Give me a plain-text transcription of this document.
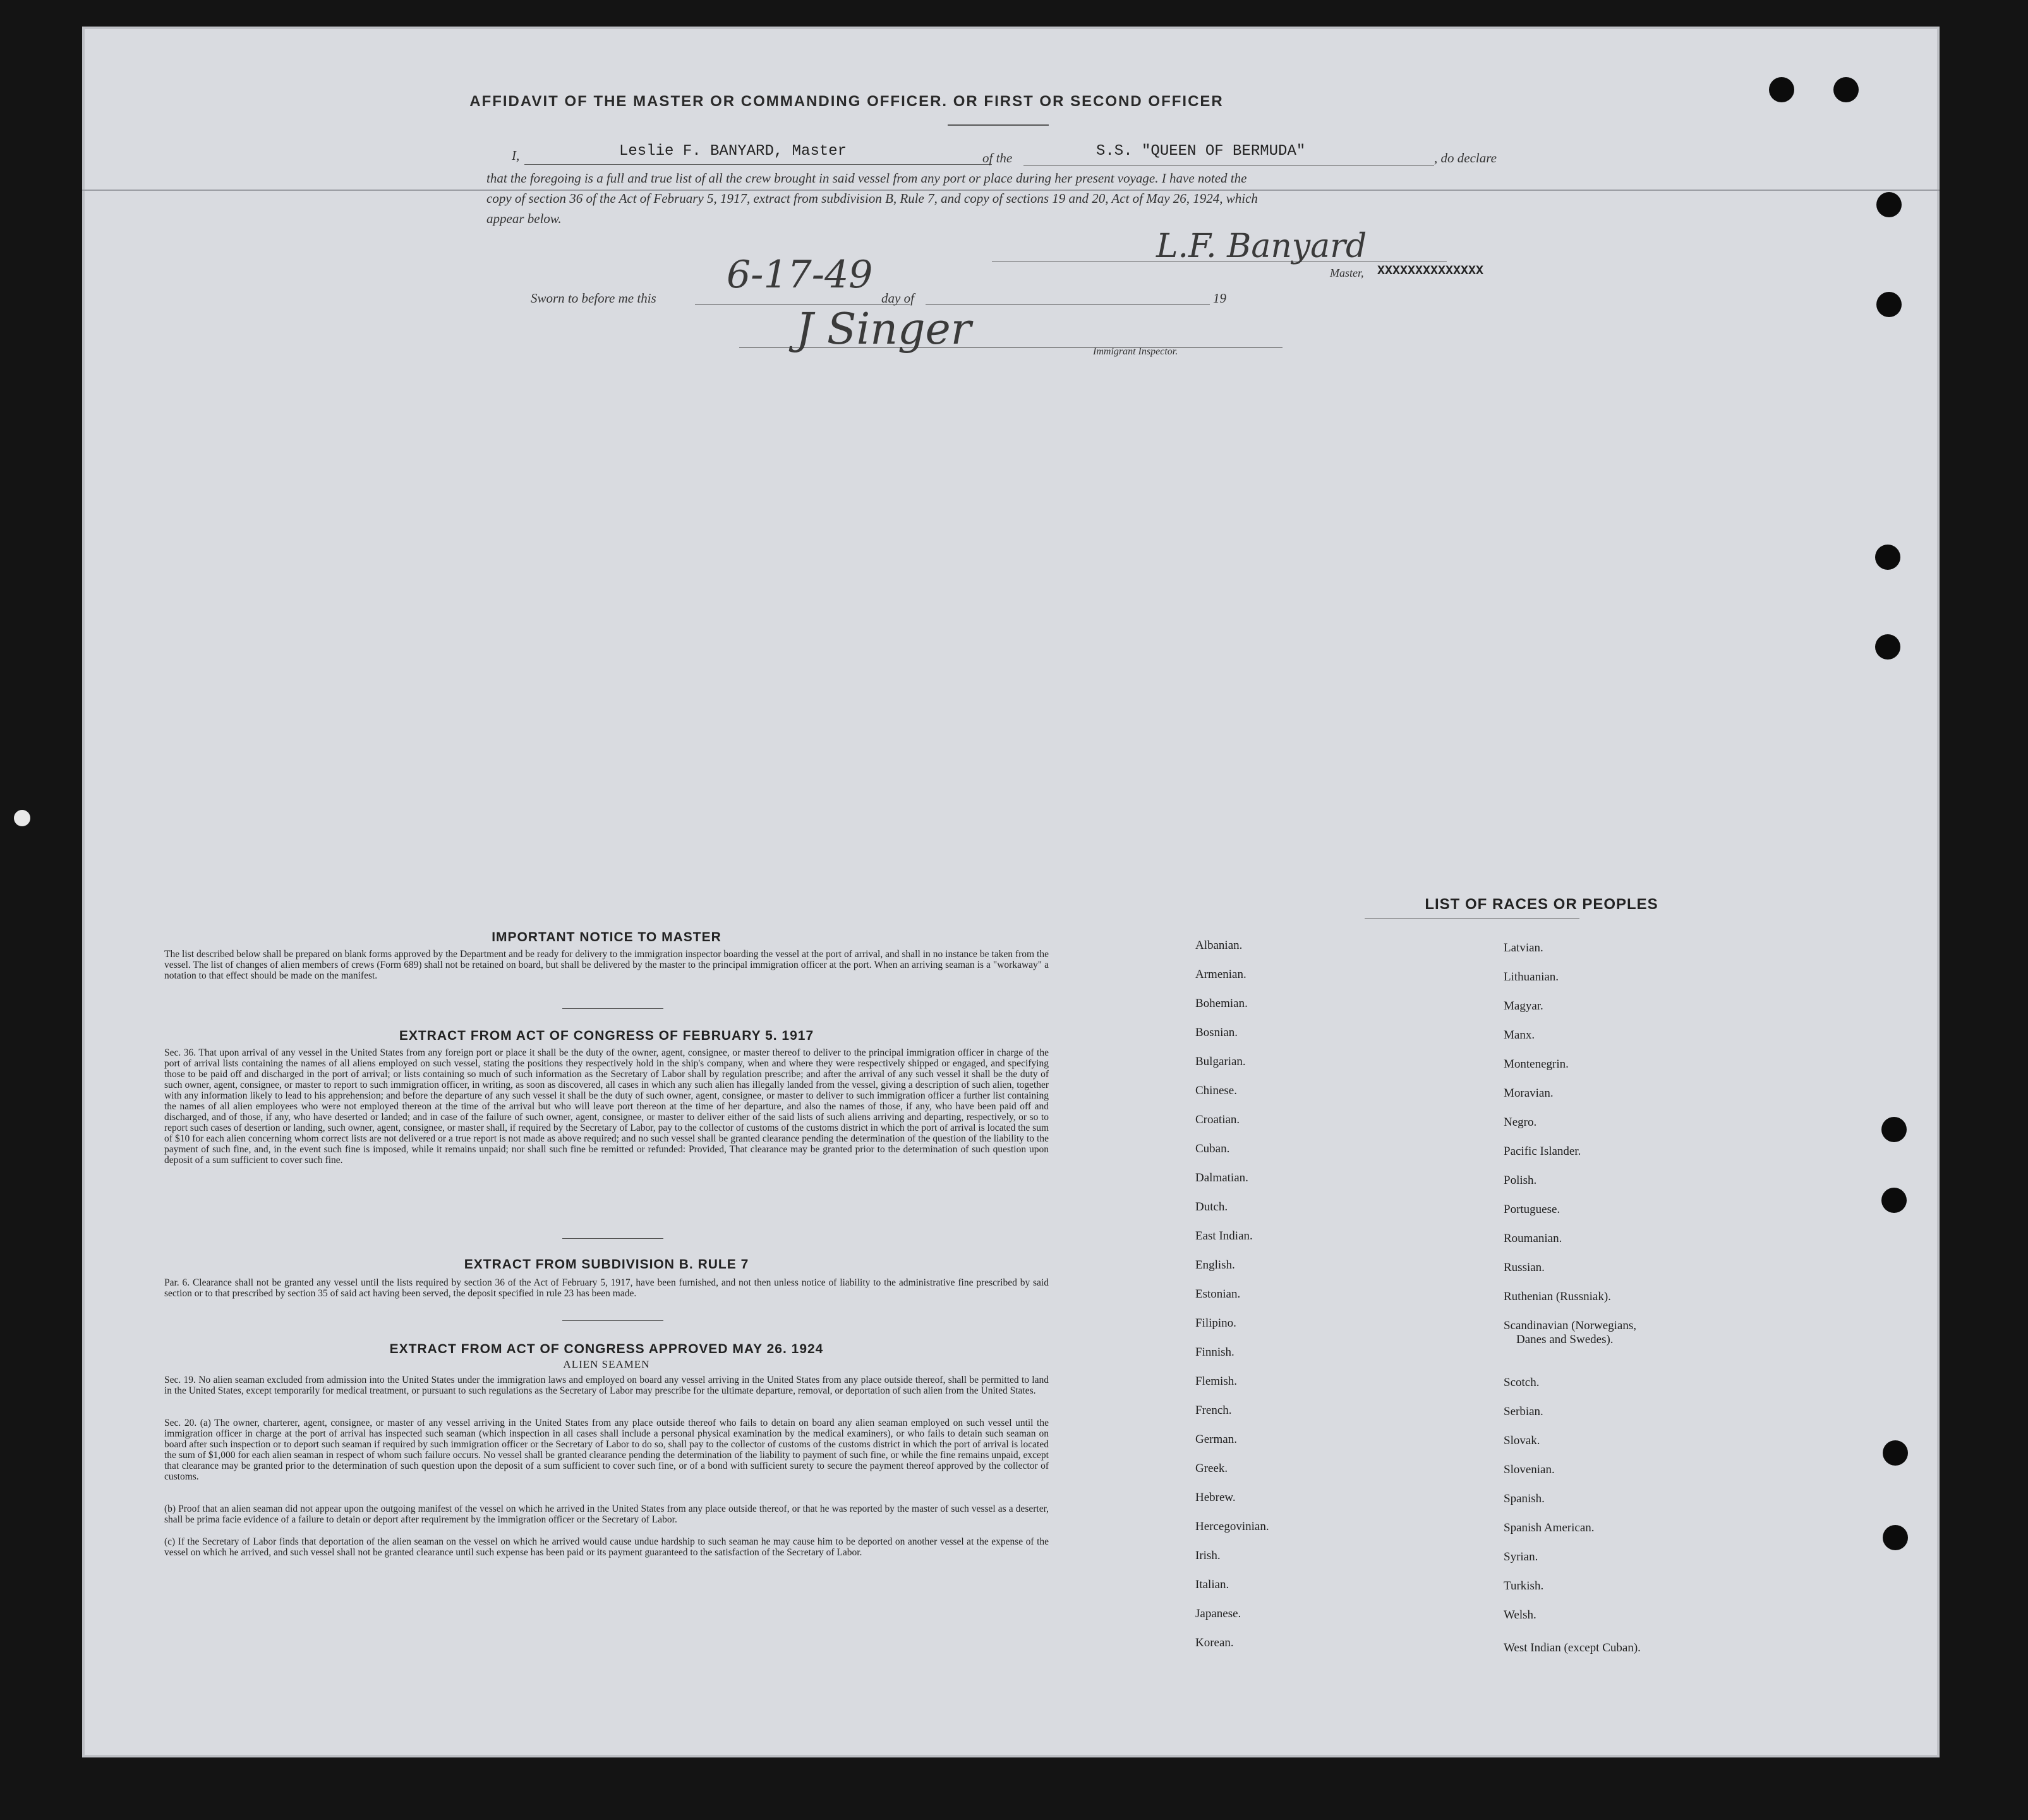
AFFIDAVIT OF THE MASTER OR COMMANDING OFFICER. OR FIRST OR SECOND OFFICER
I,	Leslie F. BANYARD, Master	of the	S.S. "QUEEN OF BERMUDA"	, do declare
that the foregoing is a full and true list of all the crew brought in said vessel from any port or place during her present voyage. I have noted the
copy of section 36 of the Act of February 5, 1917, extract from subdivision B, Rule 7, and copy of sections 19 and 20, Act of May 26, 1924, which
appear below.
L.F. Banyard
Master, XXXXXXXXXXXXXX
Sworn to before me this
6-17-49
day of	19
J Singer	Immigrant Inspector.
IMPORTANT NOTICE TO MASTER
The list described below shall be prepared on blank forms approved by the Department and be ready for delivery to the immigration inspector boarding the vessel at the port of arrival, and shall in no instance be taken from the vessel. The list of changes of alien members of crews (Form 689) shall not be retained on board, but shall be delivered by the master to the principal immigration officer at the port. When an arriving seaman is a "workaway" a notation to that effect should be made on the manifest.
EXTRACT FROM ACT OF CONGRESS OF FEBRUARY 5. 1917
Sec. 36. That upon arrival of any vessel in the United States from any foreign port or place it shall be the duty of the owner, agent, consignee, or master thereof to deliver to the principal immigration officer in charge of the port of arrival lists containing the names of all aliens employed on such vessel, stating the positions they respectively hold in the ship's company, when and where they were respectively shipped or engaged, and specifying those to be paid off and discharged in the port of arrival; or lists containing so much of such information as the Secretary of Labor shall by regulation prescribe; and after the arrival of any such vessel it shall be the duty of such owner, agent, consignee, or master to report to such immigration officer, in writing, as soon as discovered, all cases in which any such alien has illegally landed from the vessel, giving a description of such alien, together with any information likely to lead to his apprehension; and before the departure of any such vessel it shall be the duty of such owner, agent, consignee, or master to deliver to such immigration officer a further list containing the names of all alien employees who were not employed thereon at the time of the arrival but who will leave port thereon at the time of her departure, and also the names of those, if any, who have been paid off and discharged, and of those, if any, who have deserted or landed; and in case of the failure of such owner, agent, consignee, or master to deliver either of the said lists of such aliens arriving and departing, respectively, or so to report such cases of desertion or landing, such owner, agent, consignee, or master shall, if required by the Secretary of Labor, pay to the collector of customs of the customs district in which the port of arrival is located the sum of $10 for each alien concerning whom correct lists are not delivered or a true report is not made as above required; and no such vessel shall be granted clearance pending the determination of the question of the liability to the payment of such fine, and, in the event such fine is imposed, while it remains unpaid; nor shall such fine be remitted or refunded: Provided, That clearance may be granted prior to the determination of such question upon deposit of a sum sufficient to cover such fine.
EXTRACT FROM SUBDIVISION B. RULE 7
Par. 6. Clearance shall not be granted any vessel until the lists required by section 36 of the Act of February 5, 1917, have been furnished, and not then unless notice of liability to the administrative fine prescribed by said section or to that prescribed by section 35 of said act having been served, the deposit specified in rule 23 has been made.
EXTRACT FROM ACT OF CONGRESS APPROVED MAY 26. 1924
ALIEN SEAMEN
Sec. 19. No alien seaman excluded from admission into the United States under the immigration laws and employed on board any vessel arriving in the United States from any place outside thereof, shall be permitted to land in the United States, except temporarily for medical treatment, or pursuant to such regulations as the Secretary of Labor may prescribe for the ultimate departure, removal, or deportation of such alien from the United States.
Sec. 20. (a) The owner, charterer, agent, consignee, or master of any vessel arriving in the United States from any place outside thereof who fails to detain on board any alien seaman employed on such vessel until the immigration officer in charge at the port of arrival has inspected such seaman (which inspection in all cases shall include a personal physical examination by the medical examiners), or who fails to detain such seaman on board after such inspection or to deport such seaman if required by such immigration officer or the Secretary of Labor to do so, shall pay to the collector of customs of the customs district in which the port of arrival is located the sum of $1,000 for each alien seaman in respect of whom such failure occurs. No vessel shall be granted clearance pending the determination of the liability to payment of such fine, or while the fine remains unpaid, except that clearance may be granted prior to the determination of such question upon the deposit of a sum sufficient to cover such fine, or of a bond with sufficient surety to secure the payment thereof approved by the collector of customs.
(b) Proof that an alien seaman did not appear upon the outgoing manifest of the vessel on which he arrived in the United States from any place outside thereof, or that he was reported by the master of such vessel as a deserter, shall be prima facie evidence of a failure to detain or deport after requirement by the immigration officer or the Secretary of Labor.
(c) If the Secretary of Labor finds that deportation of the alien seaman on the vessel on which he arrived would cause undue hardship to such seaman he may cause him to be deported on another vessel at the expense of the vessel on which he arrived, and such vessel shall not be granted clearance until such expense has been paid or its payment guaranteed to the satisfaction of the Secretary of Labor.
LIST OF RACES OR PEOPLES
Albanian.
Armenian.
Bohemian.
Bosnian.
Bulgarian.
Chinese.
Croatian.
Cuban.
Dalmatian.
Dutch.
East Indian.
English.
Estonian.
Filipino.
Finnish.
Flemish.
French.
German.
Greek.
Hebrew.
Hercegovinian.
Irish.
Italian.
Japanese.
Korean.
Latvian.
Lithuanian.
Magyar.
Manx.
Montenegrin.
Moravian.
Negro.
Pacific Islander.
Polish.
Portuguese.
Roumanian.
Russian.
Ruthenian (Russniak).
Scandinavian (Norwegians,
Danes and Swedes).
Scotch.
Serbian.
Slovak.
Slovenian.
Spanish.
Spanish American.
Syrian.
Turkish.
Welsh.
West Indian (except Cuban).
